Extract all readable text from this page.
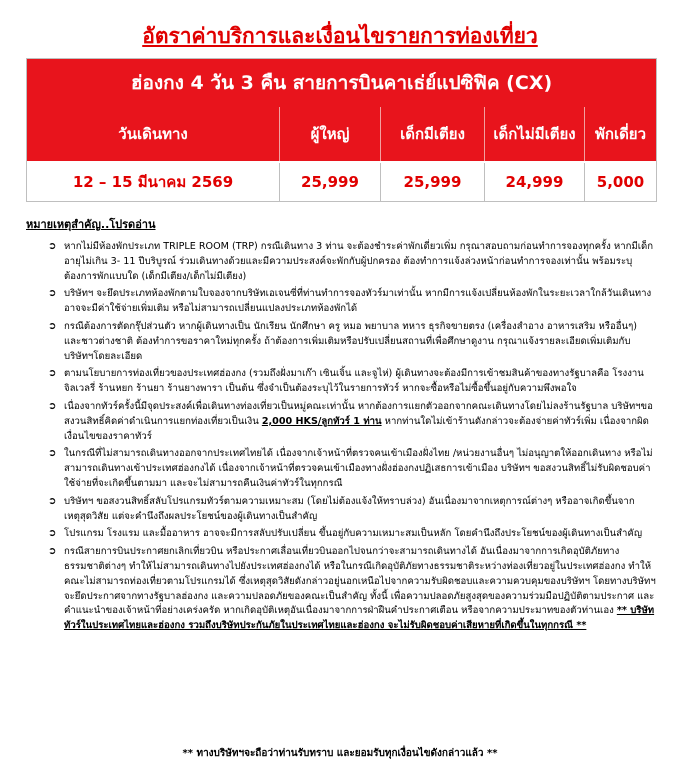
อัตราค่าบริการและเงื่อนไขรายการท่องเที่ยว
ฮ่องกง 4 วัน 3 คืน สายการบินคาเธ่ย์แปซิฟิค (CX)
วันเดินทาง	ผู้ใหญ่	เด็กมีเตียง	เด็กไม่มีเตียง	พักเดี่ยว
12 – 15 มีนาคม 2569	25,999	25,999	24,999	5,000
หมายเหตุสำคัญ..โปรดอ่าน
➲ หากไม่มีห้องพักประเภท TRIPLE ROOM (TRP) กรณีเดินทาง 3 ท่าน จะต้องชำระค่าพักเดี่ยวเพิ่ม กรุณาสอบถามก่อนทำการจองทุกครั้ง หากมีเด็กอายุไม่เกิน 3- 11 ปีบริบูรณ์ ร่วมเดินทางด้วยและมีความประสงค์จะพักกับผู้ปกครอง ต้องทำการแจ้งล่วงหน้าก่อนทำการจองเท่านั้น พร้อมระบุต้องการพักแบบใด (เด็กมีเตียง/เด็กไม่มีเตียง)
➲ บริษัทฯ จะยึดประเภทห้องพักตามใบจองจากบริษัทเอเจนซี่ที่ท่านทำการจองทัวร์มาเท่านั้น หากมีการแจ้งเปลี่ยนห้องพักในระยะเวลาใกล้วันเดินทาง อาจจะมีค่าใช้จ่ายเพิ่มเติม หรือไม่สามารถเปลี่ยนแปลงประเภทห้องพักได้
➲ กรณีต้องการตัดกรุ๊ปส่วนตัว หากผู้เดินทางเป็น นักเรียน นักศึกษา ครู หมอ พยาบาล ทหาร ธุรกิจขายตรง (เครื่องสำอาง อาหารเสริม หรืออื่นๆ) และชาวต่างชาติ ต้องทำการขอราคาใหม่ทุกครั้ง ถ้าต้องการเพิ่มเติมหรือปรับเปลี่ยนสถานที่เพื่อศึกษาดูงาน กรุณาแจ้งรายละเอียดเพิ่มเติมกับบริษัทฯโดยละเอียด
➲ ตามนโยบายการท่องเที่ยวของประเทศฮ่องกง (รวมถึงฝั่งมาเก๊า เซินเจิ้น และจูไห่) ผู้เดินทางจะต้องมีการเข้าชมสินค้าของทางรัฐบาลคือ โรงงานจิลเวลรี่ ร้านหยก ร้านยา ร้านยางพารา เป็นต้น ซึ่งจำเป็นต้องระบุไว้ในรายการทัวร์ หากจะซื้อหรือไม่ซื้อขึ้นอยู่กับความพึงพอใจ
➲ เนื่องจากทัวร์ครั้งนี้มีจุดประสงค์เพื่อเดินทางท่องเที่ยวเป็นหมู่คณะเท่านั้น หากต้องการแยกตัวออกจากคณะเดินทางโดยไม่ลงร้านรัฐบาล บริษัทฯขอสงวนสิทธิ์คิดค่าดำเนินการแยกท่องเที่ยวเป็นเงิน 2,000 HKS/ลูกทัวร์ 1 ท่าน หากท่านใดไม่เข้าร้านดังกล่าวจะต้องจ่ายค่าทัวร์เพิ่ม เนื่องจากผิดเงื่อนไขของราคาทัวร์
➲ ในกรณีที่ไม่สามารถเดินทางออกจากประเทศไทยได้ เนื่องจากเจ้าหน้าที่ตรวจคนเข้าเมืองฝั่งไทย /หน่วยงานอื่นๆ ไม่อนุญาตให้ออกเดินทาง หรือไม่สามารถเดินทางเข้าประเทศฮ่องกงได้ เนื่องจากเจ้าหน้าที่ตรวจคนเข้าเมืองทางฝั่งฮ่องกงปฏิเสธการเข้าเมือง บริษัทฯ ขอสงวนสิทธิ์ไม่รับผิดชอบค่าใช้จ่ายที่จะเกิดขึ้นตามมา และจะไม่สามารถคืนเงินค่าทัวร์ในทุกกรณี
➲ บริษัทฯ ขอสงวนสิทธิ์สลับโปรแกรมทัวร์ตามความเหมาะสม (โดยไม่ต้องแจ้งให้ทราบล่วง) อันเนื่องมาจากเหตุการณ์ต่างๆ หรืออาจเกิดขึ้นจากเหตุสุดวิสัย แต่จะคำนึงถึงผลประโยชน์ของผู้เดินทางเป็นสำคัญ
➲ โปรแกรม โรงแรม และมื้ออาหาร อาจจะมีการสลับปรับเปลี่ยน ขึ้นอยู่กับความเหมาะสมเป็นหลัก โดยคำนึงถึงประโยชน์ของผู้เดินทางเป็นสำคัญ
➲ กรณีสายการบินประกาศยกเลิกเที่ยวบิน หรือประกาศเลื่อนเที่ยวบินออกไปจนกว่าจะสามารถเดินทางได้ อันเนื่องมาจากการเกิดอุบัติภัยทางธรรมชาติต่างๆ ทำให้ไม่สามารถเดินทางไปยังประเทศฮ่องกงได้ หรือในกรณีเกิดอุบัติภัยทางธรรมชาติระหว่างท่องเที่ยวอยู่ในประเทศฮ่องกง ทำให้คณะไม่สามารถท่องเที่ยวตามโปรแกรมได้ ซึ่งเหตุสุดวิสัยดังกล่าวอยู่นอกเหนือไปจากความรับผิดชอบและความควบคุมของบริษัทฯ โดยทางบริษัทฯ จะยึดประกาศจากทางรัฐบาลฮ่องกง และความปลอดภัยของคณะเป็นสำคัญ ทั้งนี้ เพื่อความปลอดภัยสูงสุดของความร่วมมือปฏิบัติตามประกาศ และคำแนะนำของเจ้าหน้าที่อย่างเคร่งครัด หากเกิดอุบัติเหตุอันเนื่องมาจากการฝ่าฝืนคำประกาศเตือน หรือจากความประมาทของตัวท่านเอง ** บริษัททัวร์ในประเทศไทยและฮ่องกง รวมถึงบริษัทประกันภัยในประเทศไทยและฮ่องกง จะไม่รับผิดชอบค่าเสียหายที่เกิดขึ้นในทุกกรณี **
** ทางบริษัทฯจะถือว่าท่านรับทราบ และยอมรับทุกเงื่อนไขดังกล่าวแล้ว **
